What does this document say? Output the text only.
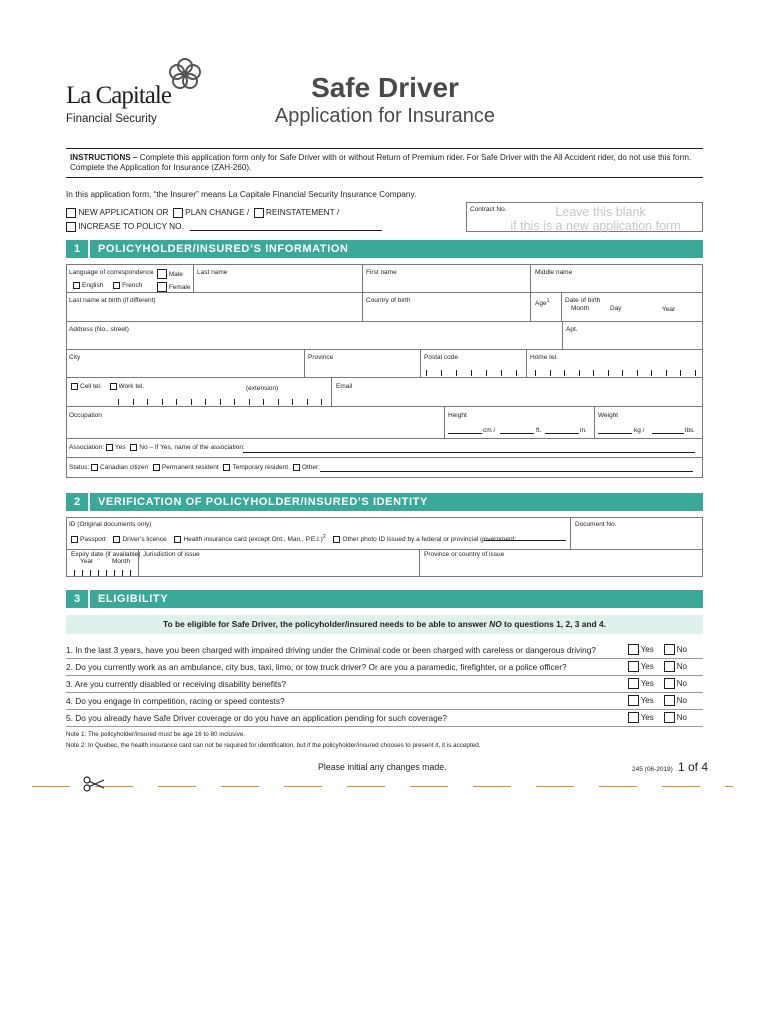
La Capitale
Financial Security
Safe Driver
Application for Insurance
INSTRUCTIONS – Complete this application form only for Safe Driver with or without Return of Premium rider. For Safe Driver with the All Accident rider, do not use this form. Complete the Application for Insurance (ZAH-260).
In this application form, “the Insurer” means La Capitale Financial Security Insurance Company.
NEW APPLICATION OR PLAN CHANGE / REINSTATEMENT /
INCREASE TO POLICY NO.
Contract No.	Leave this blank
if this is a new application form
1 POLICYHOLDER/INSURED’S INFORMATION
Language of correspondence
English	French
Male
Female
Last name	First name	Middle name
Last name at birth (if different)	Country of birth	Age$^1$ Date of birth
Month	Day	Year
Address (No., street)	Apt.
City	Province	Postal code	Home tel.
Cell tel.	Work tel.	(extension)	Email
Occupation	Height	Weight
cm /	ft.	in.	kg /	lbs.
Association: Yes No – If Yes, name of the association:
Status: Canadian citizen Permanent resident Temporary resident Other:
2 VERIFICATION OF POLICYHOLDER/INSURED’S IDENTITY
ID (Original documents only)
Passport	Driver’s licence	Health insurance card (except Ont., Man., P.E.I.)$^2$	Other photo ID issued by a federal or provincial government:
Document No.
Expiry date (if available)
Year	Month
Jurisdiction of issue	Province or country of issue
3 ELIGIBILITY
To be eligible for Safe Driver, the policyholder/insured needs to be able to answer NO to questions 1, 2, 3 and 4.
1. In the last 3 years, have you been charged with impaired driving under the Criminal code or been charged with careless or dangerous driving?	Yes	No
2. Do you currently work as an ambulance, city bus, taxi, limo, or tow truck driver? Or are you a paramedic, firefighter, or a police officer?	Yes	No
3. Are you currently disabled or receiving disability benefits?	Yes	No
4. Do you engage in competition, racing or speed contests?	Yes	No
5. Do you already have Safe Driver coverage or do you have an application pending for such coverage?	Yes	No
Note 1: The policyholder/insured must be age 16 to 80 inclusive.
Note 2: In Quebec, the health insurance card can not be required for identification, but if the policyholder/insured chooses to present it, it is accepted.
Please initial any changes made.	245 (06-2019) 1 of 4
